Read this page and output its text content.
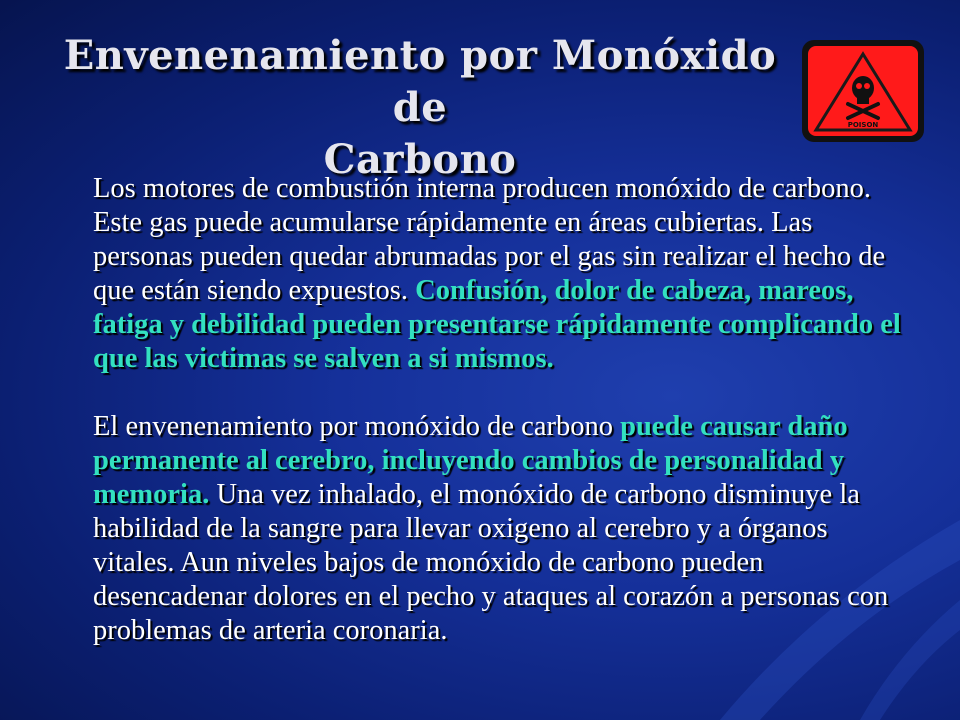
Envenenamiento por Monóxido de
Carbono
POISON

Los motores de combustión interna producen monóxido de carbono. Este gas puede acumularse rápidamente en áreas cubiertas. Las personas pueden quedar abrumadas por el gas sin realizar el hecho de que están siendo expuestos. Confusión, dolor de cabeza, mareos, fatiga y debilidad pueden presentarse rápidamente complicando el que las victimas se salven a si mismos.

El envenenamiento por monóxido de carbono puede causar daño permanente al cerebro, incluyendo cambios de personalidad y memoria. Una vez inhalado, el monóxido de carbono disminuye la habilidad de la sangre para llevar oxigeno al cerebro y a órganos vitales. Aun niveles bajos de monóxido de carbono pueden desencadenar dolores en el pecho y ataques al corazón a personas con problemas de arteria coronaria.
